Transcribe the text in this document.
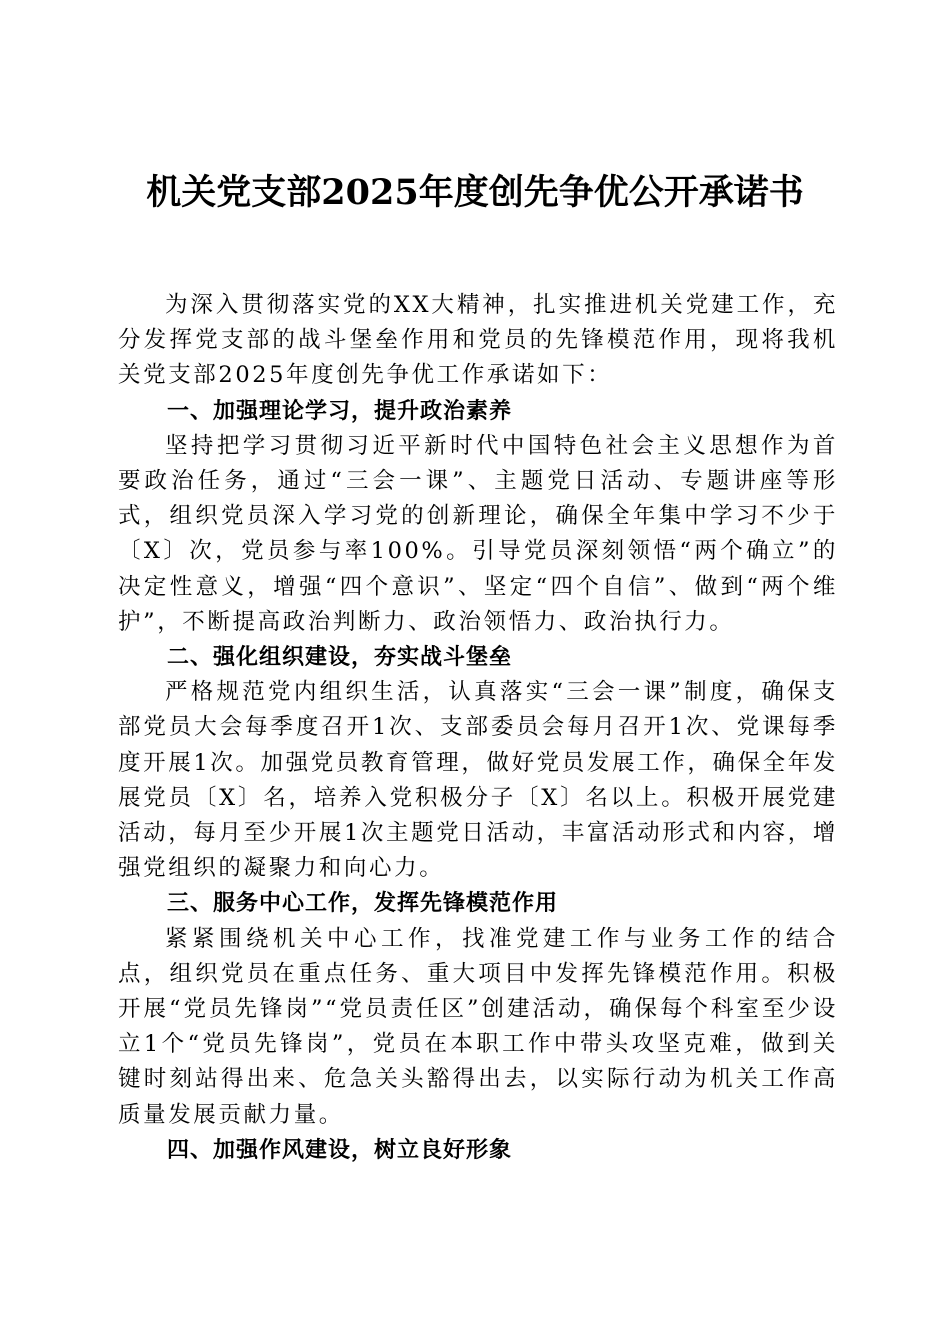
机关党支部2025年度创先争优公开承诺书

为深入贯彻落实党的XX大精神，扎实推进机关党建工作，充分发挥党支部的战斗堡垒作用和党员的先锋模范作用，现将我机关党支部2025年度创先争优工作承诺如下：

一、加强理论学习，提升政治素养

坚持把学习贯彻习近平新时代中国特色社会主义思想作为首要政治任务，通过“三会一课”、主题党日活动、专题讲座等形式，组织党员深入学习党的创新理论，确保全年集中学习不少于〔X〕次，党员参与率100%。引导党员深刻领悟“两个确立”的决定性意义，增强“四个意识”、坚定“四个自信”、做到“两个维护”，不断提高政治判断力、政治领悟力、政治执行力。

二、强化组织建设，夯实战斗堡垒

严格规范党内组织生活，认真落实“三会一课”制度，确保支部党员大会每季度召开1次、支部委员会每月召开1次、党课每季度开展1次。加强党员教育管理，做好党员发展工作，确保全年发展党员〔X〕名，培养入党积极分子〔X〕名以上。积极开展党建活动，每月至少开展1次主题党日活动，丰富活动形式和内容，增强党组织的凝聚力和向心力。

三、服务中心工作，发挥先锋模范作用

紧紧围绕机关中心工作，找准党建工作与业务工作的结合点，组织党员在重点任务、重大项目中发挥先锋模范作用。积极开展“党员先锋岗”“党员责任区”创建活动，确保每个科室至少设立1个“党员先锋岗”，党员在本职工作中带头攻坚克难，做到关键时刻站得出来、危急关头豁得出去，以实际行动为机关工作高质量发展贡献力量。

四、加强作风建设，树立良好形象
